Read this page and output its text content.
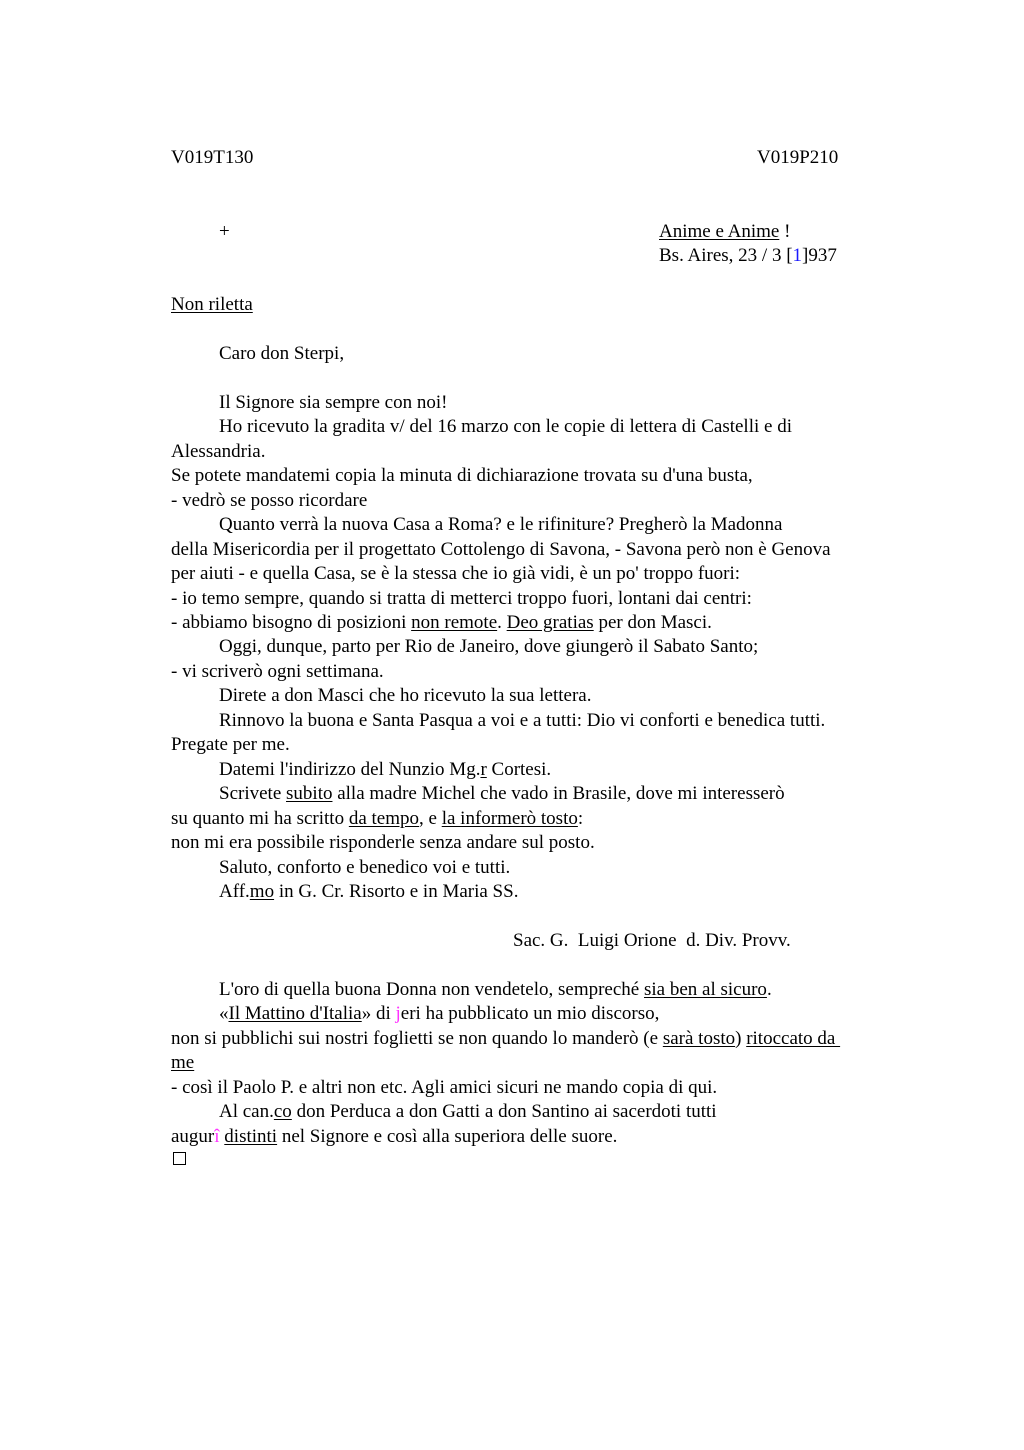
V019T130	V019P210
+	Anime e Anime !
Bs. Aires, 23 / 3 [1]937
Non riletta
Caro don Sterpi,
Il Signore sia sempre con noi!
Ho ricevuto la gradita v/ del 16 marzo con le copie di lettera di Castelli e di
Alessandria.
Se potete mandatemi copia la minuta di dichiarazione trovata su d'una busta,
- vedrò se posso ricordare
Quanto verrà la nuova Casa a Roma? e le rifiniture? Pregherò la Madonna
della Misericordia per il progettato Cottolengo di Savona, - Savona però non è Genova
per aiuti - e quella Casa, se è la stessa che io già vidi, è un po' troppo fuori:
- io temo sempre, quando si tratta di metterci troppo fuori, lontani dai centri:
- abbiamo bisogno di posizioni non remote. Deo gratias per don Masci.
Oggi, dunque, parto per Rio de Janeiro, dove giungerò il Sabato Santo;
- vi scriverò ogni settimana.
Direte a don Masci che ho ricevuto la sua lettera.
Rinnovo la buona e Santa Pasqua a voi e a tutti: Dio vi conforti e benedica tutti.
Pregate per me.
Datemi l'indirizzo del Nunzio Mg.r Cortesi.
Scrivete subito alla madre Michel che vado in Brasile, dove mi interesserò
su quanto mi ha scritto da tempo, e la informerò tosto:
non mi era possibile risponderle senza andare sul posto.
Saluto, conforto e benedico voi e tutti.
Aff.mo in G. Cr. Risorto e in Maria SS.
Sac. G.  Luigi Orione  d. Div. Provv.
L'oro di quella buona Donna non vendetelo, sempreché sia ben al sicuro.
«Il Mattino d'Italia» di jeri ha pubblicato un mio discorso,
non si pubblichi sui nostri foglietti se non quando lo manderò (e sarà tosto) ritoccato da
me
- così il Paolo P. e altri non etc. Agli amici sicuri ne mando copia di qui.
Al can.co don Perduca a don Gatti a don Santino ai sacerdoti tutti
augurî distinti nel Signore e così alla superiora delle suore.
